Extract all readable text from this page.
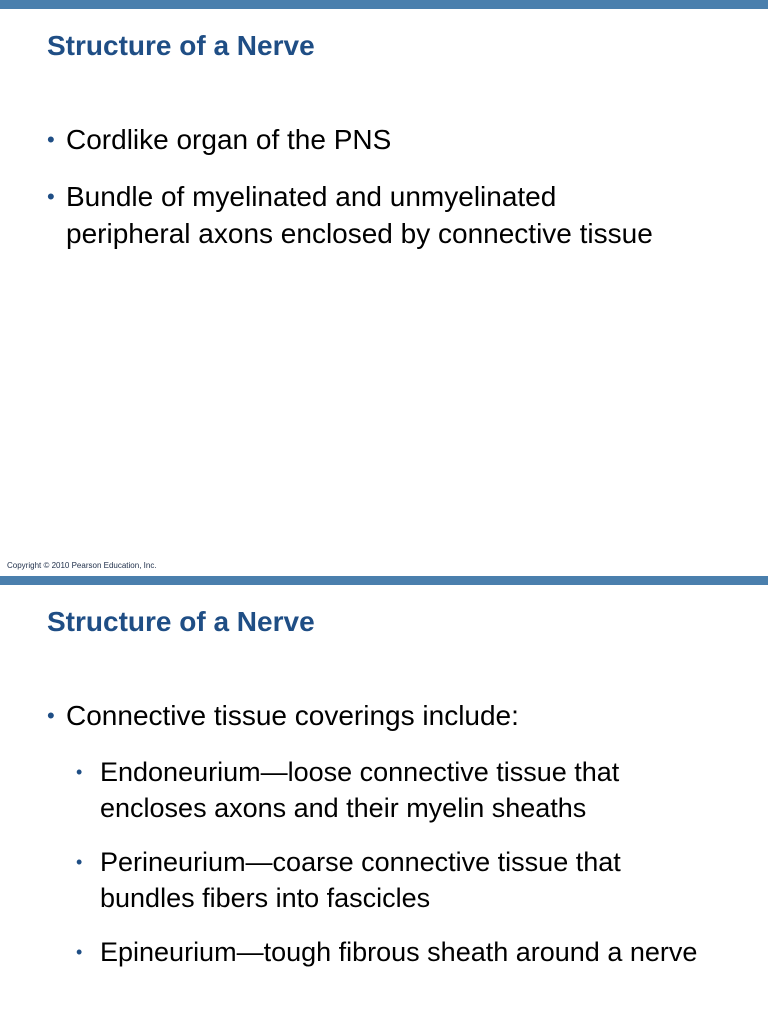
Structure of a Nerve
• Cordlike organ of the PNS
• Bundle of myelinated and unmyelinated peripheral axons enclosed by connective tissue
Copyright © 2010 Pearson Education, Inc.
Structure of a Nerve
• Connective tissue coverings include:
• Endoneurium—loose connective tissue that encloses axons and their myelin sheaths
• Perineurium—coarse connective tissue that bundles fibers into fascicles
• Epineurium—tough fibrous sheath around a nerve
